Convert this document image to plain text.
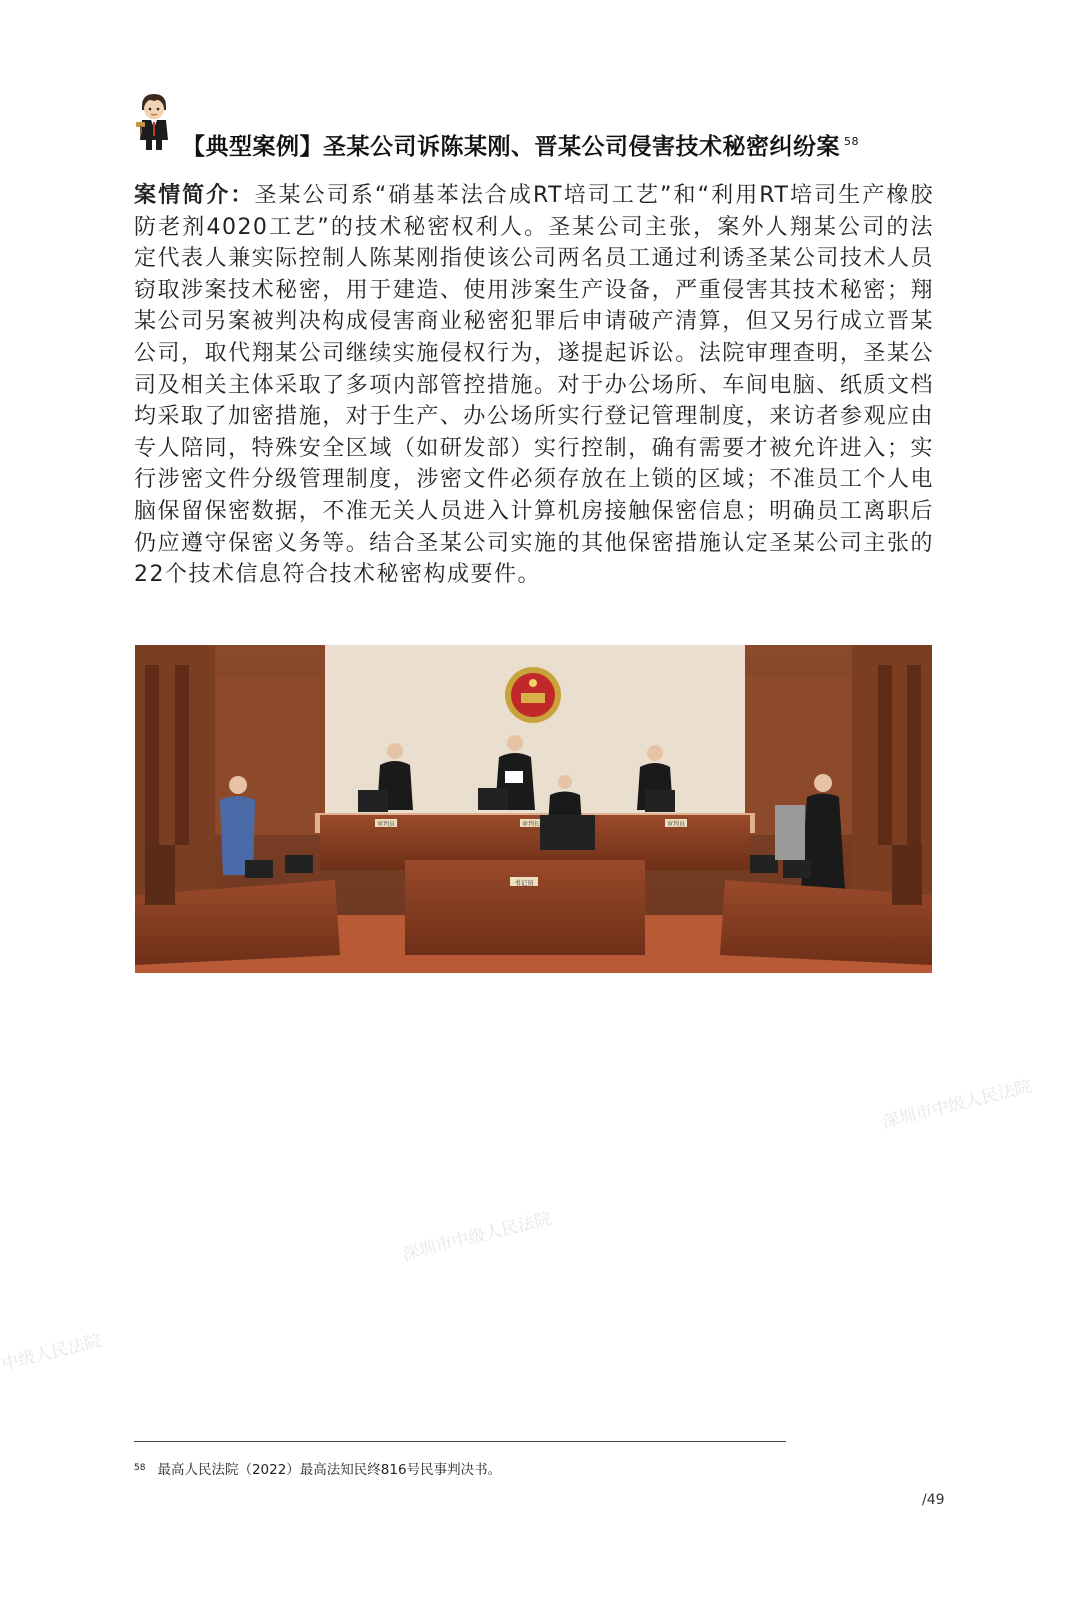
【典型案例】圣某公司诉陈某刚、晋某公司侵害技术秘密纠纷案 $^{58}$

案情简介：圣某公司系“硝基苯法合成RT培司工艺”和“利用RT培司生产橡胶防老剂4020工艺”的技术秘密权利人。圣某公司主张，案外人翔某公司的法定代表人兼实际控制人陈某刚指使该公司两名员工通过利诱圣某公司技术人员窃取涉案技术秘密，用于建造、使用涉案生产设备，严重侵害其技术秘密；翔某公司另案被判决构成侵害商业秘密犯罪后申请破产清算，但又另行成立晋某公司，取代翔某公司继续实施侵权行为，遂提起诉讼。法院审理查明，圣某公司及相关主体采取了多项内部管控措施。对于办公场所、车间电脑、纸质文档均采取了加密措施，对于生产、办公场所实行登记管理制度，来访者参观应由专人陪同，特殊安全区域（如研发部）实行控制，确有需要才被允许进入；实行涉密文件分级管理制度，涉密文件必须存放在上锁的区域；不准员工个人电脑保留保密数据，不准无关人员进入计算机房接触保密信息；明确员工离职后仍应遵守保密义务等。结合圣某公司实施的其他保密措施认定圣某公司主张的22个技术信息符合技术秘密构成要件。

审判员	审判长	审判员
书记员
深圳市中级人民法院
深圳市中级人民法院
中级人民法院
$^{58}$ 最高人民法院（2022）最高法知民终816号民事判决书。
/49
